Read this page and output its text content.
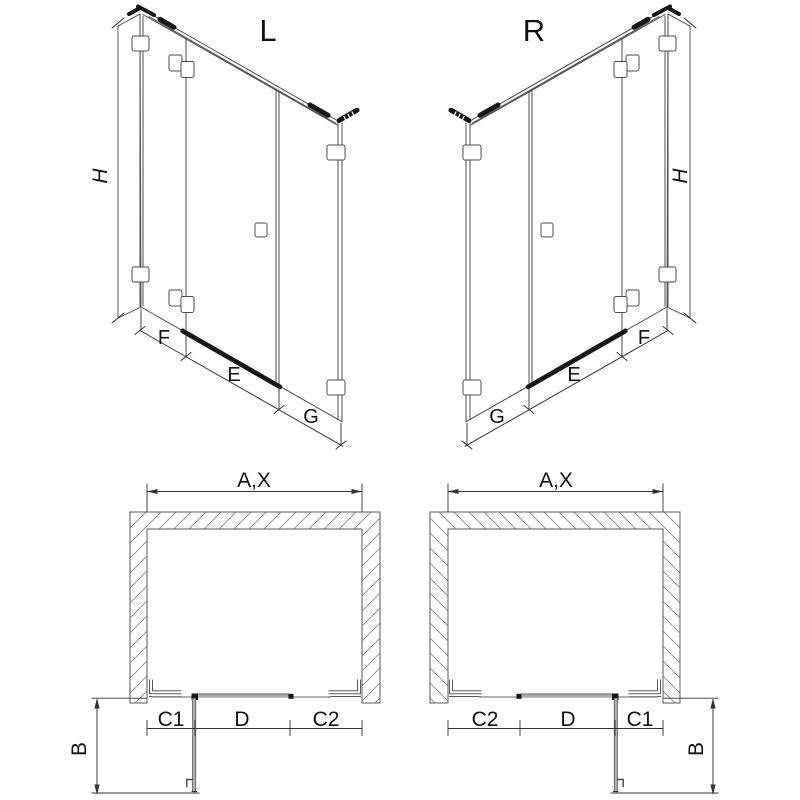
L
H
F
E
G
R
H
G
E
F
A,X
C1 D	C2
B
A,X
C2	D C1
B
